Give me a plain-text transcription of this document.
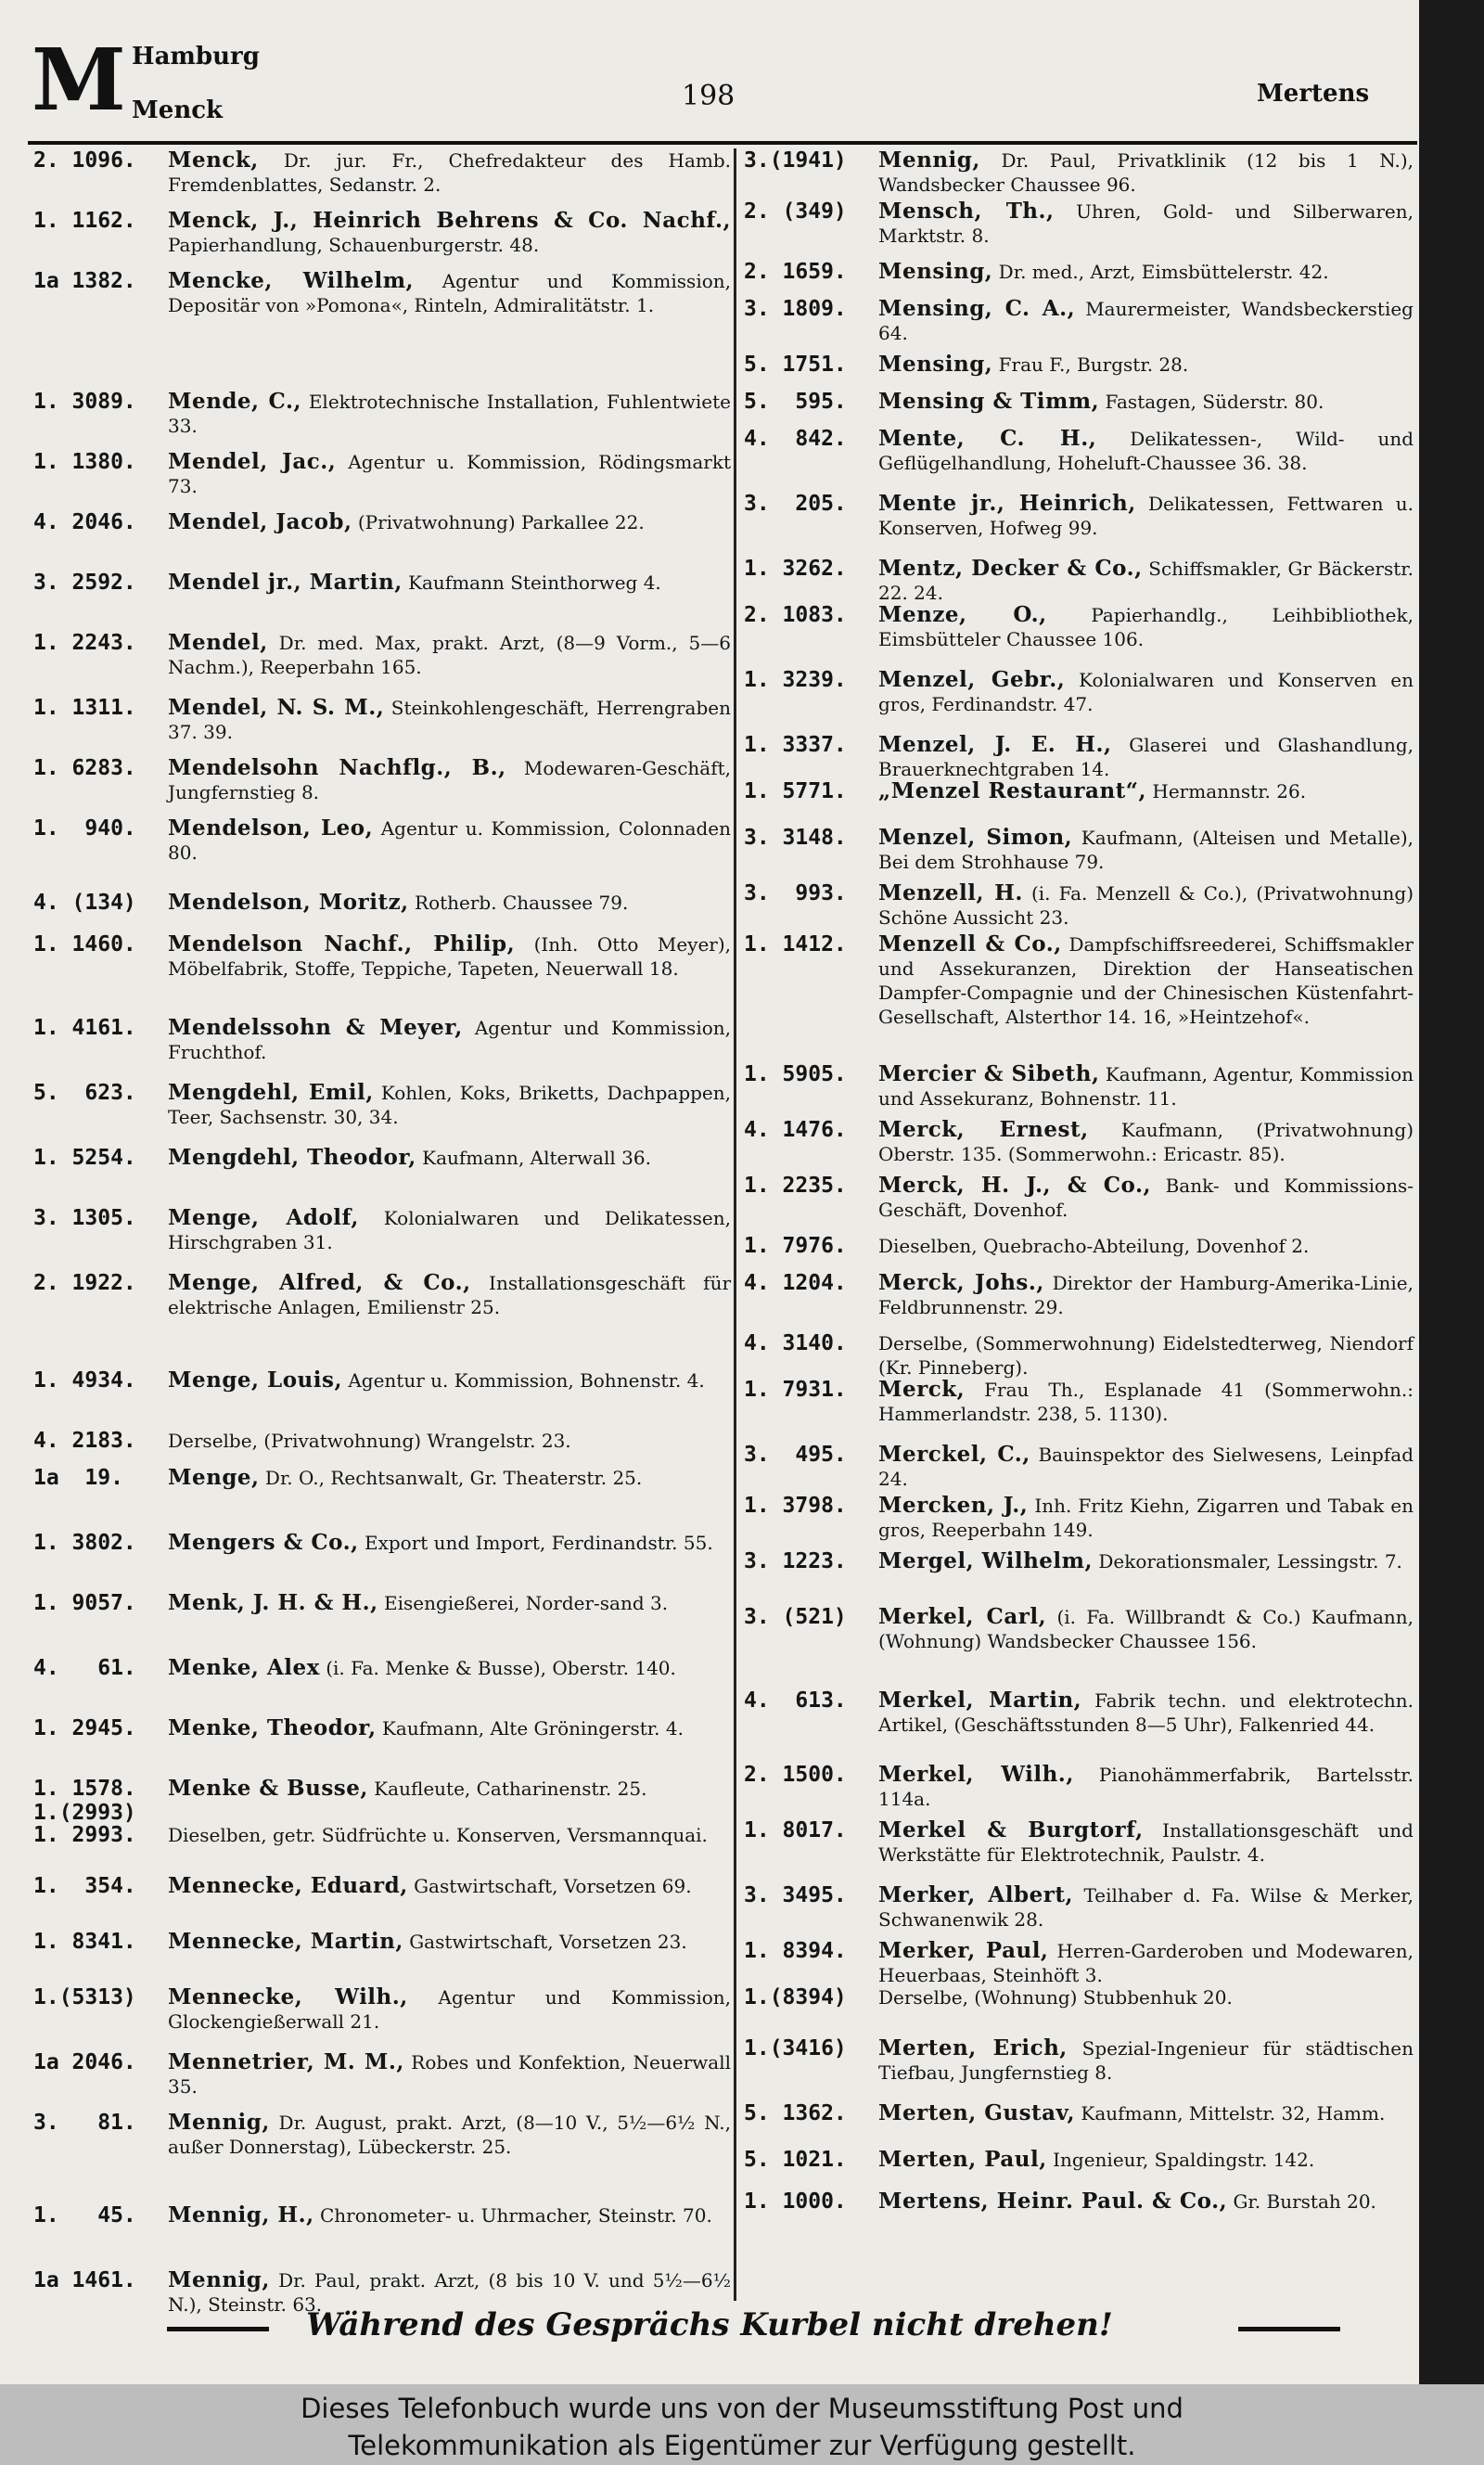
M Hamburg
Menck	198	Mertens
2. 1096. Menck, Dr. jur. Fr., Chefredakteur des Hamb. Fremdenblattes, Sedanstr. 2.
1. 1162. Menck, J., Heinrich Behrens & Co. Nachf., Papierhandlung, Schauenburgerstr. 48.
1a 1382. Mencke, Wilhelm, Agentur und Kommission, Depositär von »Pomona«, Rinteln, Admiralitätstr. 1.
1. 3089. Mende, C., Elektrotechnische Installation, Fuhlentwiete 33.
1. 1380. Mendel, Jac., Agentur u. Kommission, Rödingsmarkt 73.
4. 2046. Mendel, Jacob, (Privatwohnung) Parkallee 22.
3. 2592. Mendel jr., Martin, Kaufmann Steinthorweg 4.
1. 2243. Mendel, Dr. med. Max, prakt. Arzt, (8—9 Vorm., 5—6 Nachm.), Reeperbahn 165.
1. 1311. Mendel, N. S. M., Steinkohlengeschäft, Herrengraben 37. 39.
1. 6283. Mendelsohn Nachflg., B., Modewaren-Geschäft, Jungfernstieg 8.
1.  940. Mendelson, Leo, Agentur u. Kommission, Colonnaden 80.
4. (134) Mendelson, Moritz, Rotherb. Chaussee 79.
1. 1460. Mendelson Nachf., Philip, (Inh. Otto Meyer), Möbelfabrik, Stoffe, Teppiche, Tapeten, Neuerwall 18.
1. 4161. Mendelssohn & Meyer, Agentur und Kommission, Fruchthof.
5.  623. Mengdehl, Emil, Kohlen, Koks, Briketts, Dachpappen, Teer, Sachsenstr. 30, 34.
1. 5254. Mengdehl, Theodor, Kaufmann, Alterwall 36.
3. 1305. Menge, Adolf, Kolonialwaren und Delikatessen, Hirschgraben 31.
2. 1922. Menge, Alfred, & Co., Installationsgeschäft für elektrische Anlagen, Emilienstr 25.
1. 4934. Menge, Louis, Agentur u. Kommission, Bohnenstr. 4.
4. 2183. Derselbe, (Privatwohnung) Wrangelstr. 23.
1a  19. Menge, Dr. O., Rechtsanwalt, Gr. Theaterstr. 25.
1. 3802. Mengers & Co., Export und Import, Ferdinandstr. 55.
1. 9057. Menk, J. H. & H., Eisengießerei, Norder-sand 3.
4.   61. Menke, Alex (i. Fa. Menke & Busse), Oberstr. 140.
1. 2945. Menke, Theodor, Kaufmann, Alte Gröningerstr. 4.
1. 1578.
1.(2993)
Menke & Busse, Kaufleute, Catharinenstr. 25.
1. 2993. Dieselben, getr. Südfrüchte u. Konserven, Versmannquai.
1.  354. Mennecke, Eduard, Gastwirtschaft, Vorsetzen 69.
1. 8341. Mennecke, Martin, Gastwirtschaft, Vorsetzen 23.
1.(5313) Mennecke, Wilh., Agentur und Kommission, Glockengießerwall 21.
1a 2046. Mennetrier, M. M., Robes und Konfektion, Neuerwall 35.
3.   81. Mennig, Dr. August, prakt. Arzt, (8—10 V., 5½—6½ N., außer Donnerstag), Lübeckerstr. 25.
1.   45. Mennig, H., Chronometer- u. Uhrmacher, Steinstr. 70.
1a 1461. Mennig, Dr. Paul, prakt. Arzt, (8 bis 10 V. und 5½—6½ N.), Steinstr. 63.
3.(1941) Mennig, Dr. Paul, Privatklinik (12 bis 1 N.), Wandsbecker Chaussee 96.
2. (349) Mensch, Th., Uhren, Gold- und Silberwaren, Marktstr. 8.
2. 1659. Mensing, Dr. med., Arzt, Eimsbüttelerstr. 42.
3. 1809. Mensing, C. A., Maurermeister, Wandsbeckerstieg 64.
5. 1751. Mensing, Frau F., Burgstr. 28.
5.  595. Mensing & Timm, Fastagen, Süderstr. 80.
4.  842. Mente, C. H., Delikatessen-, Wild- und Geflügelhandlung, Hoheluft-Chaussee 36. 38.
3.  205. Mente jr., Heinrich, Delikatessen, Fettwaren u. Konserven, Hofweg 99.
1. 3262. Mentz, Decker & Co., Schiffsmakler, Gr Bäckerstr. 22. 24.
2. 1083. Menze, O., Papierhandlg., Leihbibliothek, Eimsbütteler Chaussee 106.
1. 3239. Menzel, Gebr., Kolonialwaren und Konserven en gros, Ferdinandstr. 47.
1. 3337. Menzel, J. E. H., Glaserei und Glashandlung, Brauerknechtgraben 14.
1. 5771. „Menzel Restaurant“, Hermannstr. 26.
3. 3148. Menzel, Simon, Kaufmann, (Alteisen und Metalle), Bei dem Strohhause 79.
3.  993. Menzell, H. (i. Fa. Menzell & Co.), (Privatwohnung) Schöne Aussicht 23.
1. 1412. Menzell & Co., Dampfschiffsreederei, Schiffsmakler und Assekuranzen, Direktion der Hanseatischen Dampfer-Compagnie und der Chinesischen Küstenfahrt-Gesellschaft, Alsterthor 14. 16, »Heintzehof«.
1. 5905. Mercier & Sibeth, Kaufmann, Agentur, Kommission und Assekuranz, Bohnenstr. 11.
4. 1476. Merck, Ernest, Kaufmann, (Privatwohnung) Oberstr. 135. (Sommerwohn.: Ericastr. 85).
1. 2235. Merck, H. J., & Co., Bank- und Kommissions-Geschäft, Dovenhof.
1. 7976. Dieselben, Quebracho-Abteilung, Dovenhof 2.
4. 1204. Merck, Johs., Direktor der Hamburg-Amerika-Linie, Feldbrunnenstr. 29.
4. 3140. Derselbe, (Sommerwohnung) Eidelstedterweg, Niendorf (Kr. Pinneberg).
1. 7931. Merck, Frau Th., Esplanade 41 (Sommerwohn.: Hammerlandstr. 238, 5. 1130).
3.  495. Merckel, C., Bauinspektor des Sielwesens, Leinpfad 24.
1. 3798. Mercken, J., Inh. Fritz Kiehn, Zigarren und Tabak en gros, Reeperbahn 149.
3. 1223. Mergel, Wilhelm, Dekorationsmaler, Lessingstr. 7.
3. (521) Merkel, Carl, (i. Fa. Willbrandt & Co.) Kaufmann, (Wohnung) Wandsbecker Chaussee 156.
4.  613. Merkel, Martin, Fabrik techn. und elektrotechn. Artikel, (Geschäftsstunden 8—5 Uhr), Falkenried 44.
2. 1500. Merkel, Wilh., Pianohämmerfabrik, Bartelsstr. 114a.
1. 8017. Merkel & Burgtorf, Installationsgeschäft und Werkstätte für Elektrotechnik, Paulstr. 4.
3. 3495. Merker, Albert, Teilhaber d. Fa. Wilse & Merker, Schwanenwik 28.
1. 8394. Merker, Paul, Herren-Garderoben und Modewaren, Heuerbaas, Steinhöft 3.
1.(8394) Derselbe, (Wohnung) Stubbenhuk 20.
1.(3416) Merten, Erich, Spezial-Ingenieur für städtischen Tiefbau, Jungfernstieg 8.
5. 1362. Merten, Gustav, Kaufmann, Mittelstr. 32, Hamm.
5. 1021. Merten, Paul, Ingenieur, Spaldingstr. 142.
1. 1000. Mertens, Heinr. Paul. & Co., Gr. Burstah 20.
Während des Gesprächs Kurbel nicht drehen!
Dieses Telefonbuch wurde uns von der Museumsstiftung Post und
Telekommunikation als Eigentümer zur Verfügung gestellt.
